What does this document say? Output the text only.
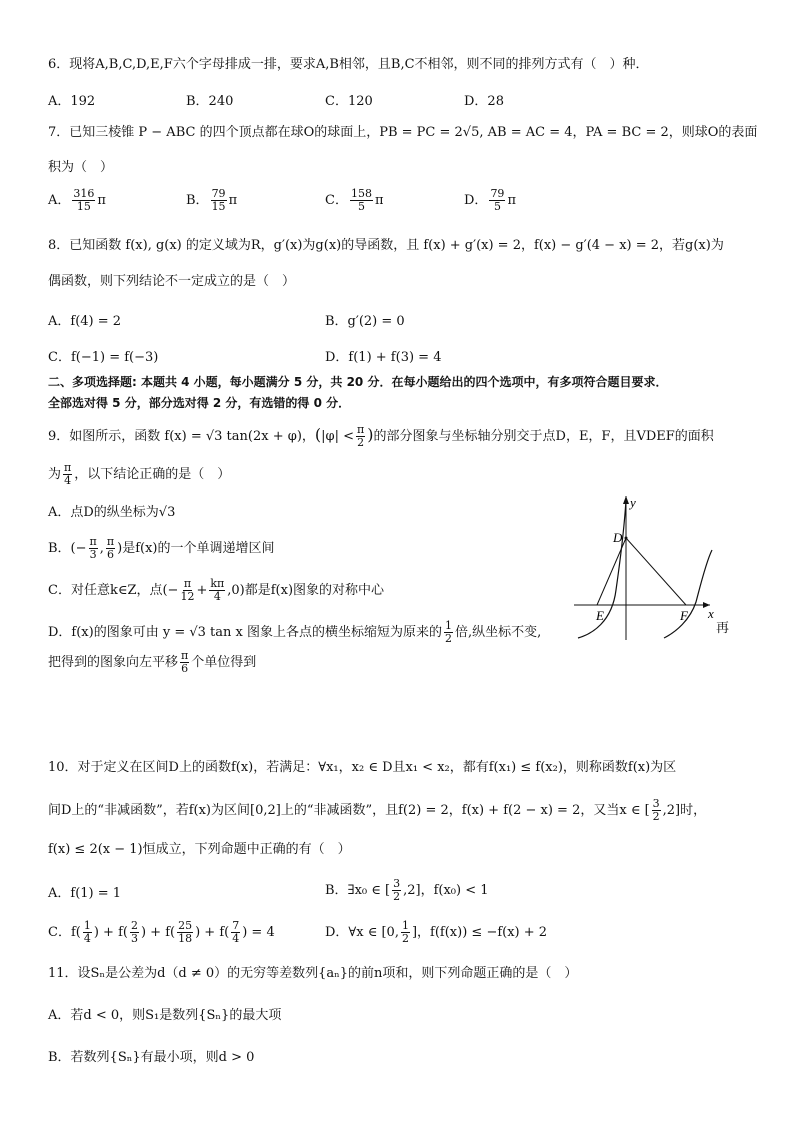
6．现将A,B,C,D,E,F六个字母排成一排，要求A,B相邻，且B,C不相邻，则不同的排列方式有（　）种．
A．192	B．240	C．120	D．28
7．已知三棱锥 P − ABC 的四个顶点都在球O的球面上，PB = PC = 2√5, AB = AC = 4，PA = BC = 2，则球O的表面
积为（　）
A． $\frac{316}{15}$ π	B． $\frac{79}{15}$ π	C． $\frac{158}{5}$ π	D． $\frac{79}{5}$ π
8．已知函数 f(x), g(x) 的定义域为R，g′(x)为g(x)的导函数，且 f(x) + g′(x) = 2，f(x) − g′(4 − x) = 2，若g(x)为
偶函数，则下列结论不一定成立的是（　）
A．f(4) = 2	B．g′(2) = 0
C．f(−1) = f(−3)	D．f(1) + f(3) = 4
二、多项选择题: 本题共 4 小题，每小题满分 5 分，共 20 分．在每小题给出的四个选项中，有多项符合题目要求．
全部选对得 5 分，部分选对得 2 分，有选错的得 0 分．
9．如图所示，函数 f(x) = √3 tan(2x + φ)，($|\varphi| < \frac{\pi}{2}$ )的部分图象与坐标轴分别交于点D，E，F，且VDEF的面积
为 $\frac{\pi}{4}$ ，以下结论正确的是（　）
A．点D的纵坐标为√3
B．(− $\frac{\pi}{3}$ , $\frac{\pi}{6}$ )是f(x)的一个单调递增区间
C．对任意k∈Z，点(− $\frac{\pi}{12} + \frac{k\pi}{4} ,0$)都是f(x)图象的对称中心
D．f(x)的图象可由 y = √3 tan x 图象上各点的横坐标缩短为原来的 $\frac{1}{2}$ 倍,纵坐标不变,	再
把得到的图象向左平移 $\frac{\pi}{6}$ 个单位得到
y
x
D
E	F
10．对于定义在区间D上的函数f(x)，若满足：∀x₁，x₂ ∈ D且x₁ < x₂，都有f(x₁) ≤ f(x₂)，则称函数f(x)为区
间D上的“非减函数”，若f(x)为区间[0,2]上的“非减函数”，且f(2) = 2，f(x) + f(2 − x) = 2，又当x ∈ [ $\frac{3}{2} ,2$]时，
f(x) ≤ 2(x − 1)恒成立，下列命题中正确的有（　）
A．f(1) = 1	B．∃x₀ ∈ [ $\frac{3}{2} ,2$]，f(x₀) < 1
C．$f( \frac{1}{4}$ ) + $f( \frac{2}{3}$ ) + $f( \frac{25}{18}$ ) + $f( \frac{7}{4}$ ) = 4	D．∀x ∈ [0, $\frac{1}{2}$ ]，f(f(x)) ≤ −f(x) + 2
11．设Sₙ是公差为d（d ≠ 0）的无穷等差数列{aₙ}的前n项和，则下列命题正确的是（　）
A．若d < 0，则S₁是数列{Sₙ}的最大项
B．若数列{Sₙ}有最小项，则d > 0
